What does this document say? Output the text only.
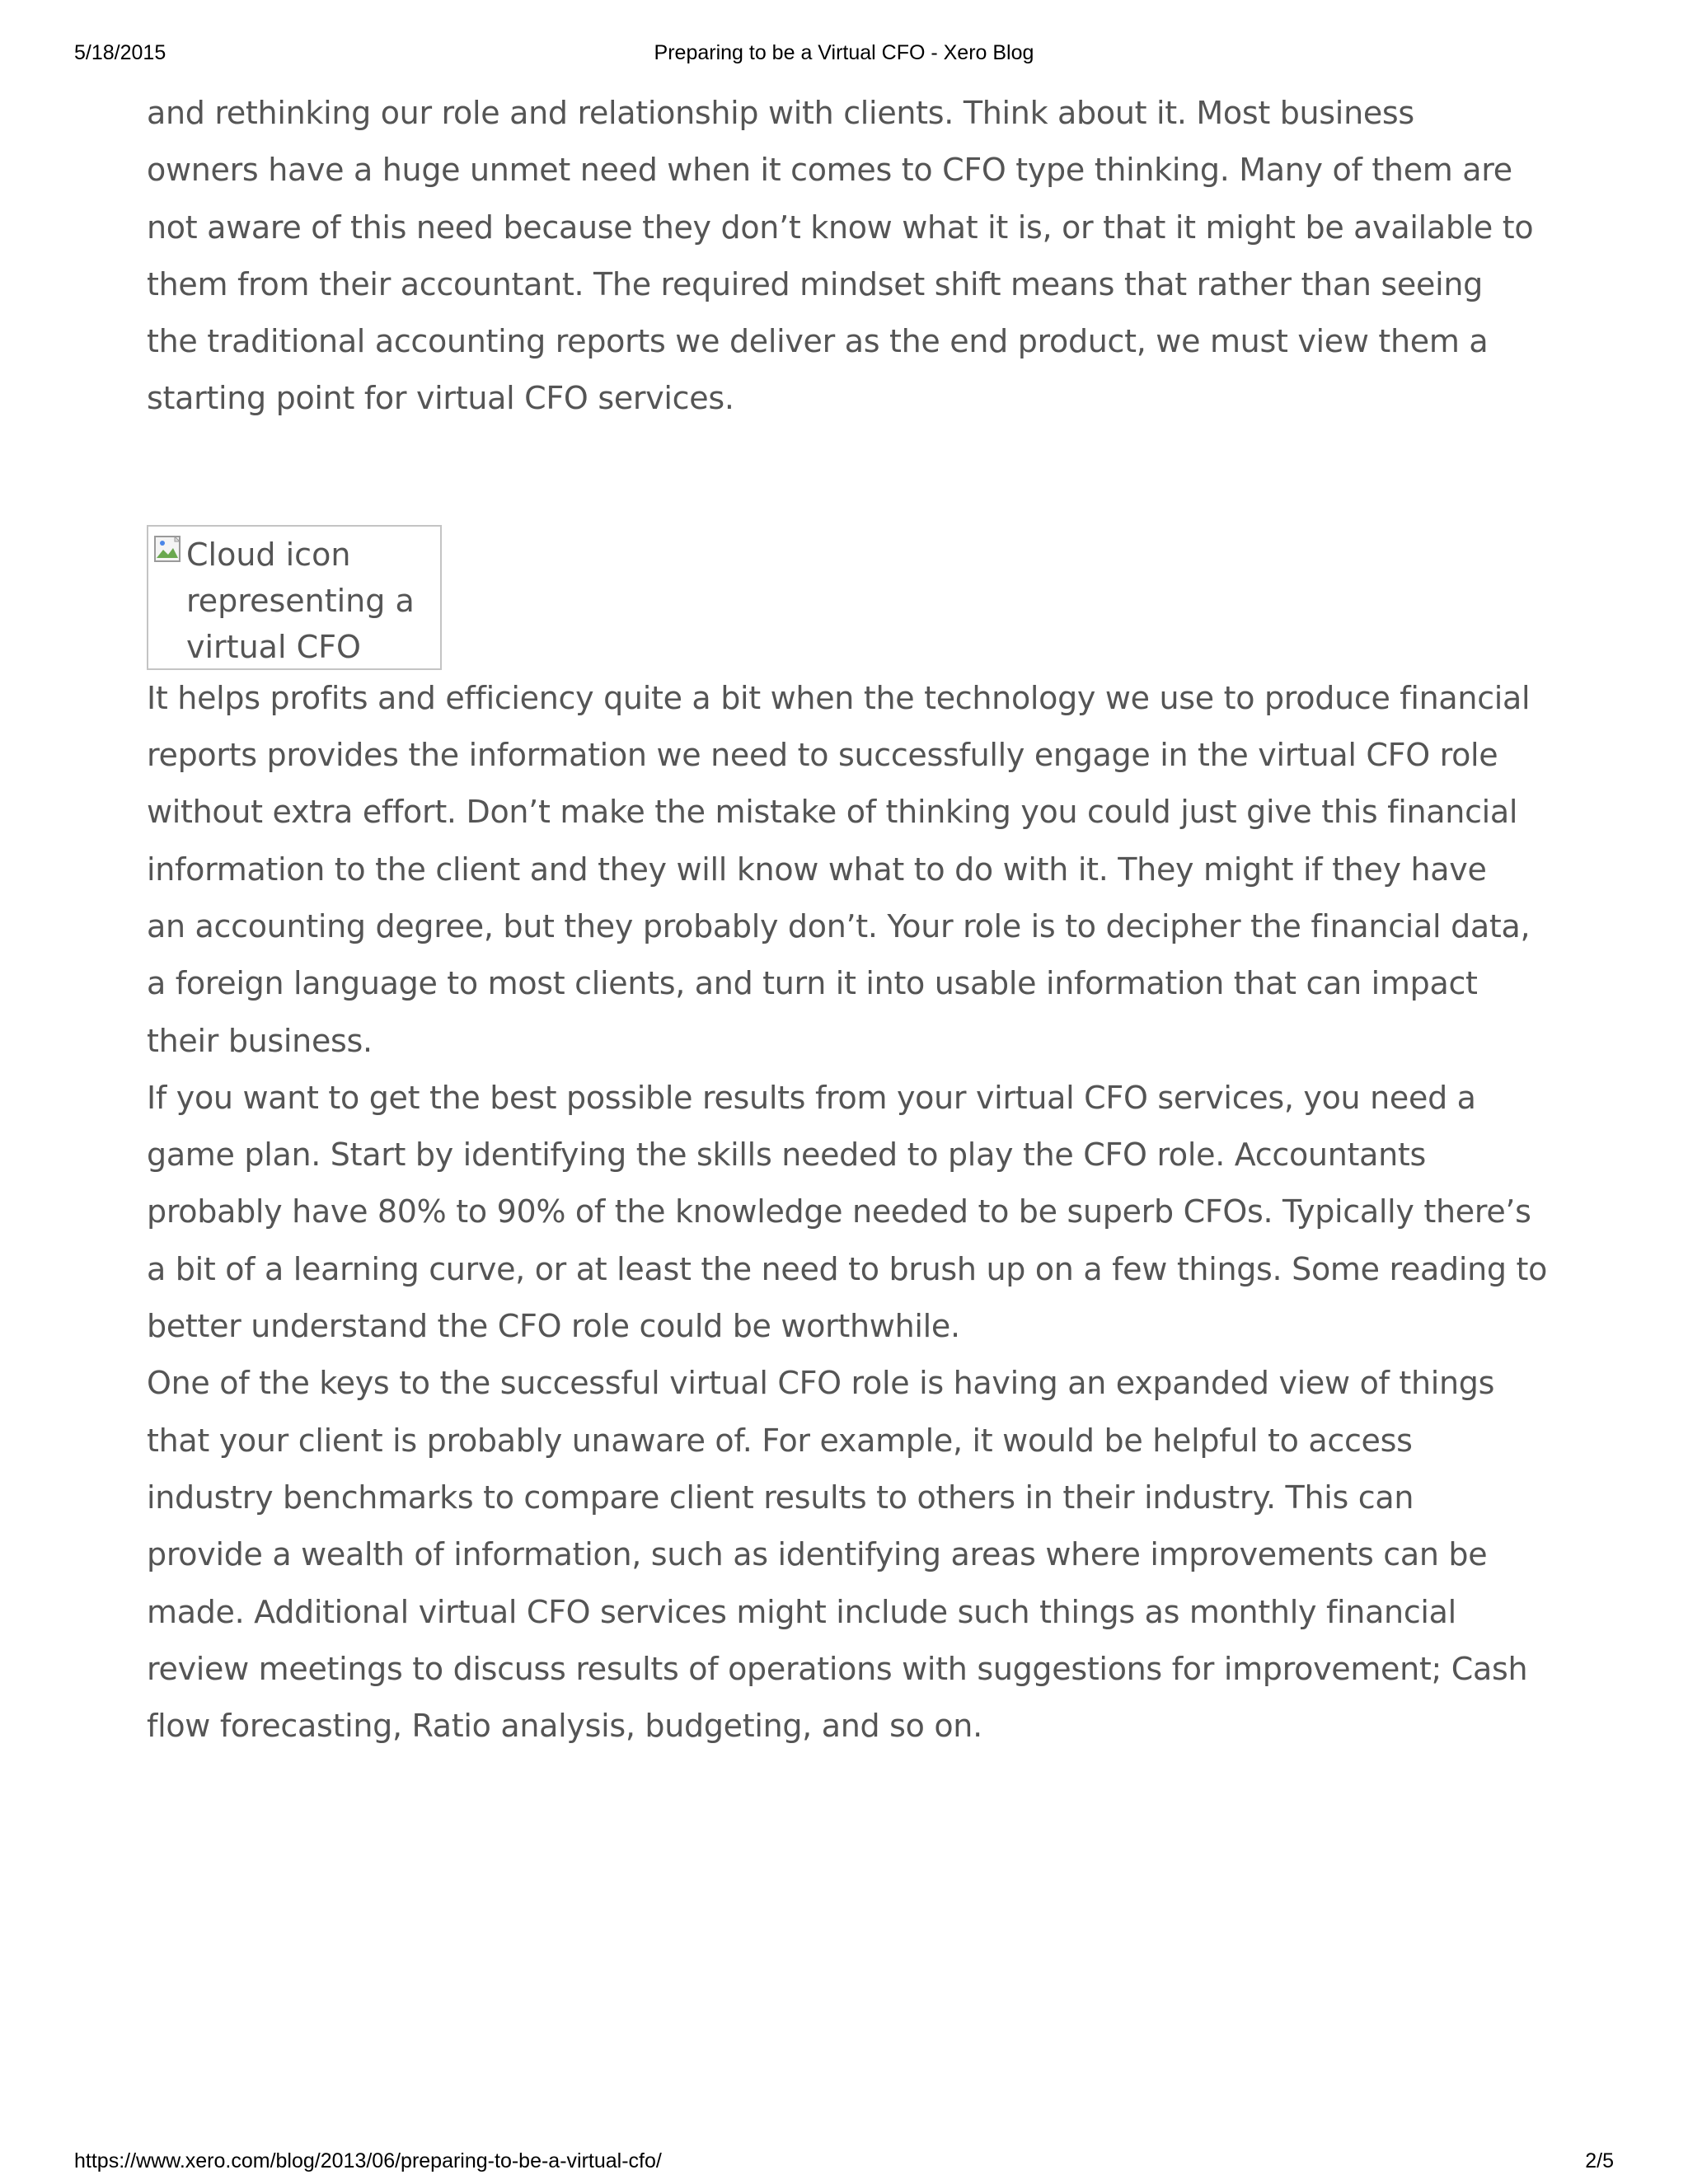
5/18/2015	Preparing to be a Virtual CFO - Xero Blog

and rethinking our role and relationship with clients. Think about it. Most business
owners have a huge unmet need when it comes to CFO type thinking. Many of them are
not aware of this need because they don’t know what it is, or that it might be available to
them from their accountant. The required mindset shift means that rather than seeing
the traditional accounting reports we deliver as the end product, we must view them a
starting point for virtual CFO services.

Cloud icon representing a virtual CFO

It helps profits and efficiency quite a bit when the technology we use to produce financial
reports provides the information we need to successfully engage in the virtual CFO role
without extra effort. Don’t make the mistake of thinking you could just give this financial
information to the client and they will know what to do with it. They might if they have
an accounting degree, but they probably don’t. Your role is to decipher the financial data,
a foreign language to most clients, and turn it into usable information that can impact
their business.

If you want to get the best possible results from your virtual CFO services, you need a
game plan. Start by identifying the skills needed to play the CFO role. Accountants
probably have 80% to 90% of the knowledge needed to be superb CFOs. Typically there’s
a bit of a learning curve, or at least the need to brush up on a few things. Some reading to
better understand the CFO role could be worthwhile.

One of the keys to the successful virtual CFO role is having an expanded view of things
that your client is probably unaware of. For example, it would be helpful to access
industry benchmarks to compare client results to others in their industry. This can
provide a wealth of information, such as identifying areas where improvements can be
made. Additional virtual CFO services might include such things as monthly financial
review meetings to discuss results of operations with suggestions for improvement; Cash
flow forecasting, Ratio analysis, budgeting, and so on.

https://www.xero.com/blog/2013/06/preparing-to-be-a-virtual-cfo/	2/5
